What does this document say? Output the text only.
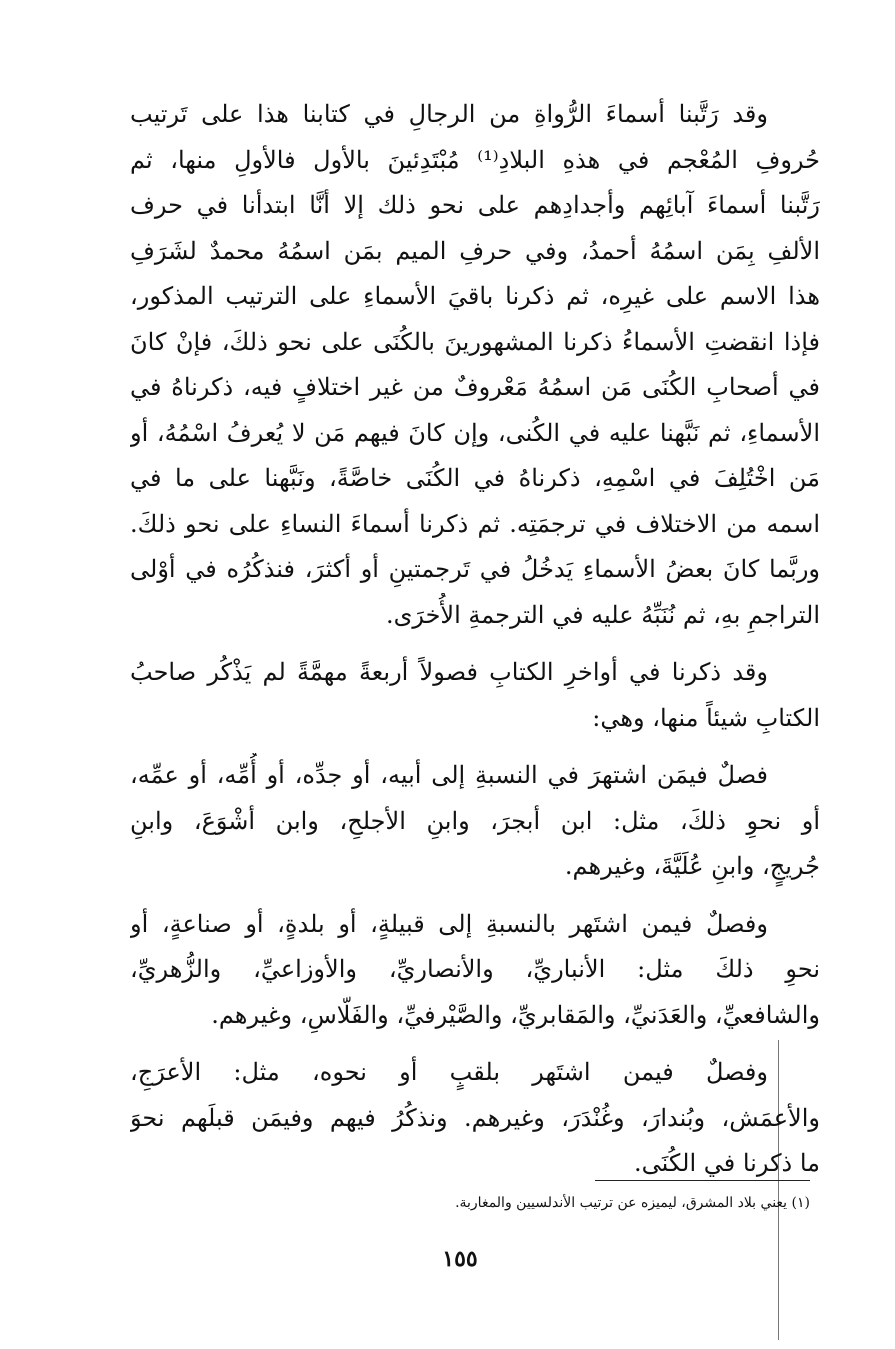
وقد رَتَّبنا أسماءَ الرُّواةِ من الرجالِ في كتابنا هذا على تَرتيب
حُروفِ المُعْجم في هذهِ البلادِ⁽¹⁾ مُبْتَدِئينَ بالأول فالأولِ منها، ثم
رَتَّبنا أسماءَ آبائِهم وأجدادِهم على نحو ذلك إلا أنَّا ابتدأنا في حرف
الألفِ بِمَن اسمُهُ أحمدُ، وفي حرفِ الميم بمَن اسمُهُ محمدٌ لشَرَفِ
هذا الاسم على غيرِه، ثم ذكرنا باقيَ الأسماءِ على الترتيب المذكور،
فإذا انقضتِ الأسماءُ ذكرنا المشهورينَ بالكُنَى على نحو ذلكَ، فإنْ كانَ
في أصحابِ الكُنَى مَن اسمُهُ مَعْروفٌ من غير اختلافٍ فيه، ذكرناهُ في
الأسماءِ، ثم نَبَّهنا عليه في الكُنى، وإن كانَ فيهم مَن لا يُعرفُ اسْمُهُ، أو
مَن اخْتُلِفَ في اسْمِهِ، ذكرناهُ في الكُنَى خاصَّةً، ونَبَّهنا على ما في
اسمه من الاختلاف في ترجمَتِه. ثم ذكرنا أسماءَ النساءِ على نحو ذلكَ.
وربَّما كانَ بعضُ الأسماءِ يَدخُلُ في تَرجمتينِ أو أكثرَ، فنذكُرُه في أوْلى
التراجمِ بهِ، ثم نُنَبِّهُ عليه في الترجمةِ الأُخرَى.
وقد ذكرنا في أواخرِ الكتابِ فصولاً أربعةً مهمَّةً لم يَذْكُر صاحبُ
الكتابِ شيئاً منها، وهي:
فصلٌ فيمَن اشتهرَ في النسبةِ إلى أبيه، أو جدِّه، أو أُمِّه، أو عمِّه،
أو نحوِ ذلكَ، مثل: ابن أبجرَ، وابنِ الأجلحِ، وابن أشْوَعَ، وابنِ
جُريجٍ، وابنِ عُلَيَّةَ، وغيرهم.
وفصلٌ فيمن اشتَهر بالنسبةِ إلى قبيلةٍ، أو بلدةٍ، أو صناعةٍ، أو
نحوِ ذلكَ مثل: الأنباريِّ، والأنصاريِّ، والأوزاعيِّ، والزُّهريِّ،
والشافعيِّ، والعَدَنيِّ، والمَقابريِّ، والصَّيْرفيِّ، والفَلّاسِ، وغيرهم.
وفصلٌ فيمن اشتَهر بلقبٍ أو نحوه، مثل: الأعرَجِ،
والأعمَش، وبُندارَ، وغُنْدَرَ، وغيرهم. ونذكُرُ فيهم وفيمَن قبلَهم نحوَ
ما ذكرنا في الكُنَى.
(١) يعني بلاد المشرق، ليميزه عن ترتيب الأندلسيين والمغاربة.
١٥٥
